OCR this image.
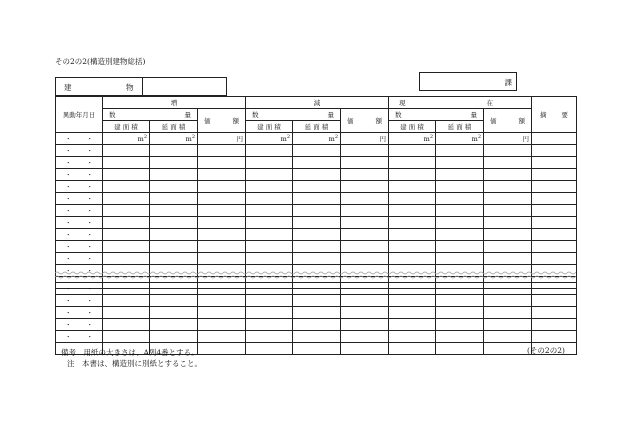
その2の2(構造別建物総括)
建	物
課
異動年月日	増			減			現 在			摘 要

	数 量		価 額	数 量		価 額	数 量		価 額	

	建 面 積	延 面 積		建 面 積	延 面 積		建 面 積	延 面 積		

・ ・	$m^2$	$m^2$	円	$m^2$	$m^2$	円	$m^2$	$m^2$	円	

・ ・										

・ ・										

・ ・										

・ ・										

・ ・										

・ ・										

・ ・										

・ ・										

・ ・										

・ ・										

・ ・										

・ ・										

・ ・										

・ ・										

・ ・										

・ ・										

備考　用紙の大きさは、A列4番とする。
注　本書は、構造別に別紙とすること。
(その2の2)
